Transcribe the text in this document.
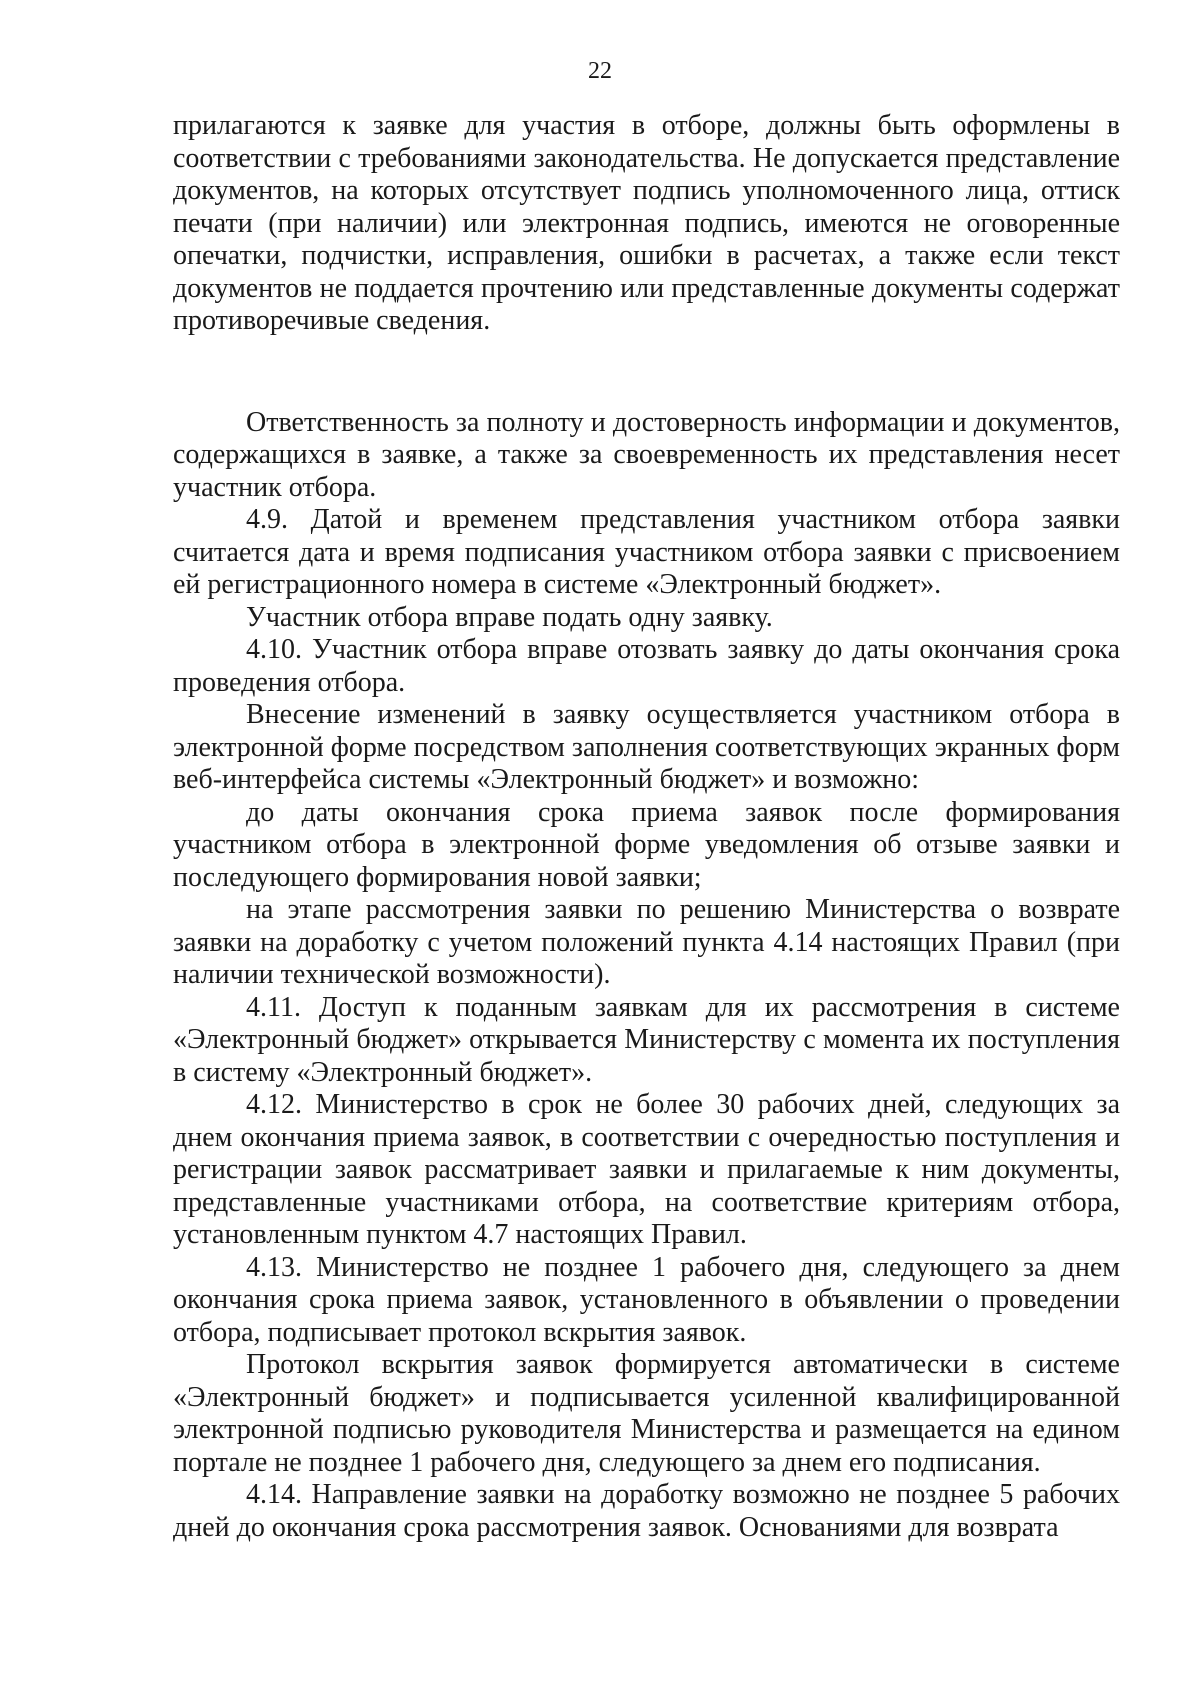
22

прилагаются к заявке для участия в отборе, должны быть оформлены в соответствии с требованиями законодательства. Не допускается представление документов, на которых отсутствует подпись уполномоченного лица, оттиск печати (при наличии) или электронная подпись, имеются не оговоренные опечатки, подчистки, исправления, ошибки в расчетах, а также если текст документов не поддается прочтению или представленные документы содержат противоречивые сведения.

Ответственность за полноту и достоверность информации и документов, содержащихся в заявке, а также за своевременность их представления несет участник отбора.

4.9. Датой и временем представления участником отбора заявки считается дата и время подписания участником отбора заявки с присвоением ей регистрационного номера в системе «Электронный бюджет».

Участник отбора вправе подать одну заявку.

4.10. Участник отбора вправе отозвать заявку до даты окончания срока проведения отбора.

Внесение изменений в заявку осуществляется участником отбора в электронной форме посредством заполнения соответствующих экранных форм веб-интерфейса системы «Электронный бюджет» и возможно:

до даты окончания срока приема заявок после формирования участником отбора в электронной форме уведомления об отзыве заявки и последующего формирования новой заявки;

на этапе рассмотрения заявки по решению Министерства о возврате заявки на доработку с учетом положений пункта 4.14 настоящих Правил (при наличии технической возможности).

4.11. Доступ к поданным заявкам для их рассмотрения в системе «Электронный бюджет» открывается Министерству с момента их поступления в систему «Электронный бюджет».

4.12. Министерство в срок не более 30 рабочих дней, следующих за днем окончания приема заявок, в соответствии с очередностью поступления и регистрации заявок рассматривает заявки и прилагаемые к ним документы, представленные участниками отбора, на соответствие критериям отбора, установленным пунктом 4.7 настоящих Правил.

4.13. Министерство не позднее 1 рабочего дня, следующего за днем окончания срока приема заявок, установленного в объявлении о проведении отбора, подписывает протокол вскрытия заявок.

Протокол вскрытия заявок формируется автоматически в системе «Электронный бюджет» и подписывается усиленной квалифицированной электронной подписью руководителя Министерства и размещается на едином портале не позднее 1 рабочего дня, следующего за днем его подписания.

4.14. Направление заявки на доработку возможно не позднее 5 рабочих дней до окончания срока рассмотрения заявок. Основаниями для возврата
